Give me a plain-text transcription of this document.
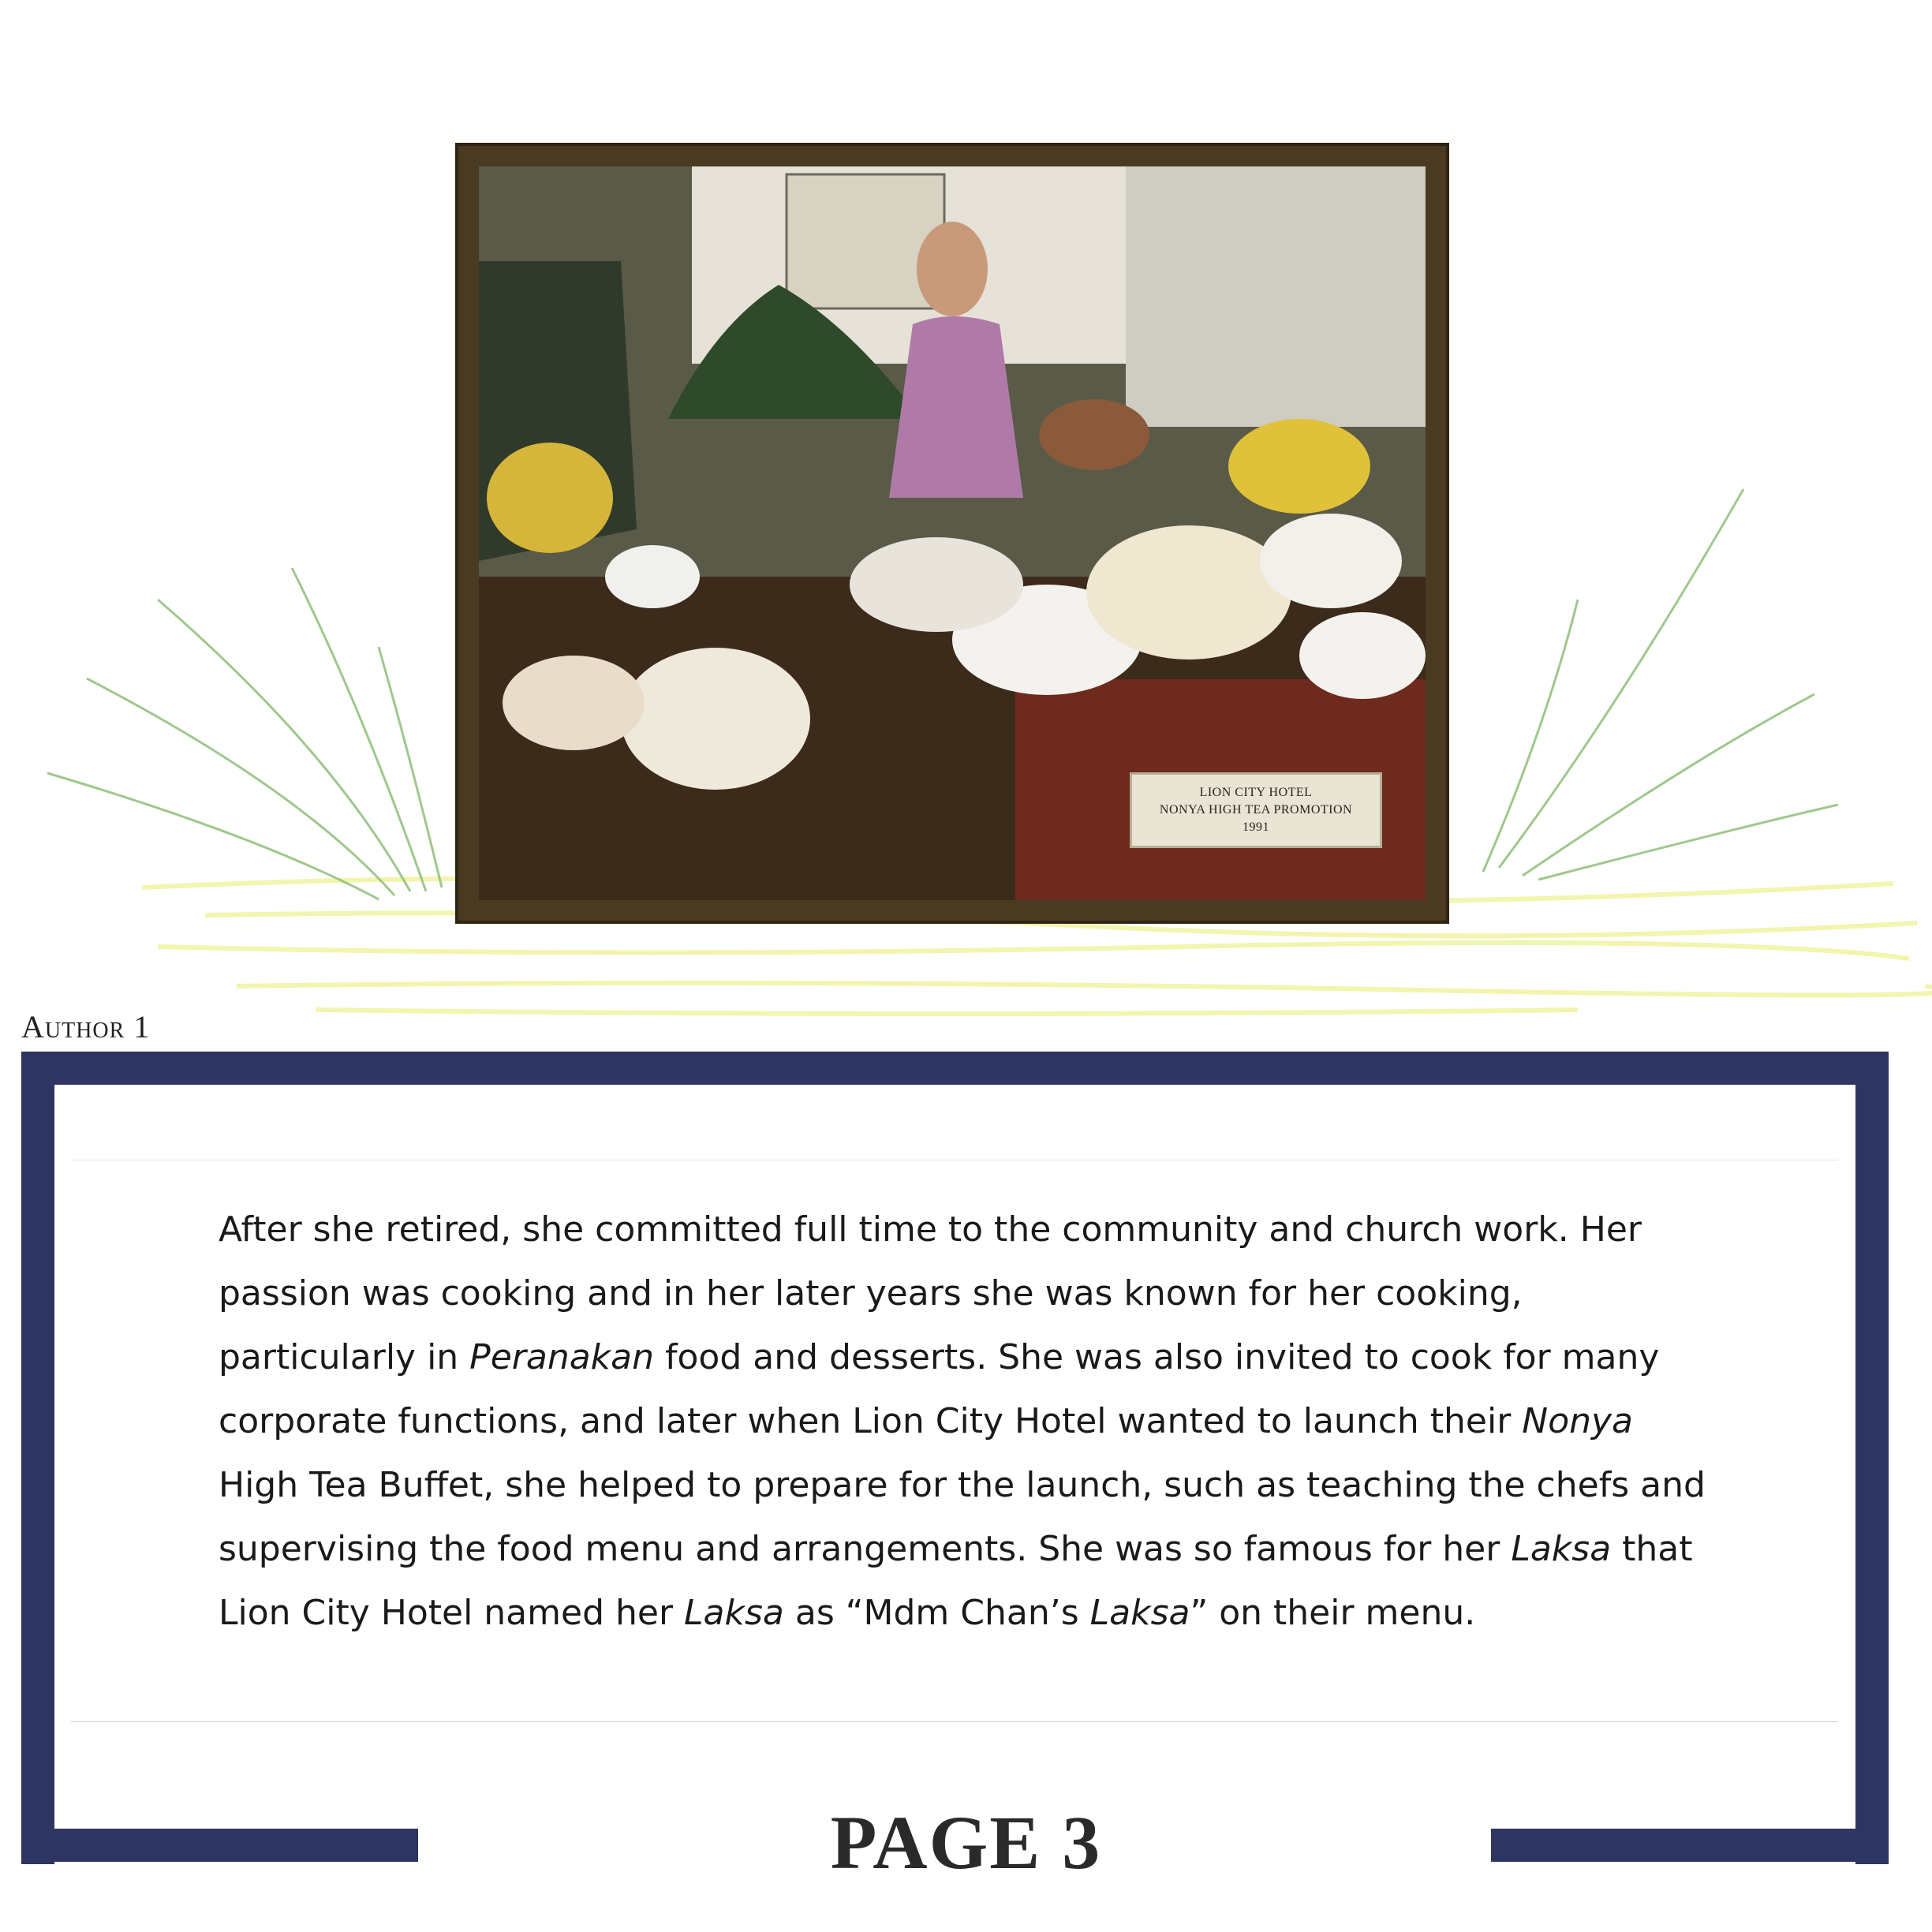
LION CITY HOTEL
NONYA HIGH TEA PROMOTION
1991
Author 1
After she retired, she committed full time to the community and church work. Her passion was cooking and in her later years she was known for her cooking, particularly in Peranakan food and desserts. She was also invited to cook for many corporate functions, and later when Lion City Hotel wanted to launch their Nonya High Tea Buffet, she helped to prepare for the launch, such as teaching the chefs and supervising the food menu and arrangements. She was so famous for her Laksa that Lion City Hotel named her Laksa as “Mdm Chan’s Laksa” on their menu.
PAGE 3
